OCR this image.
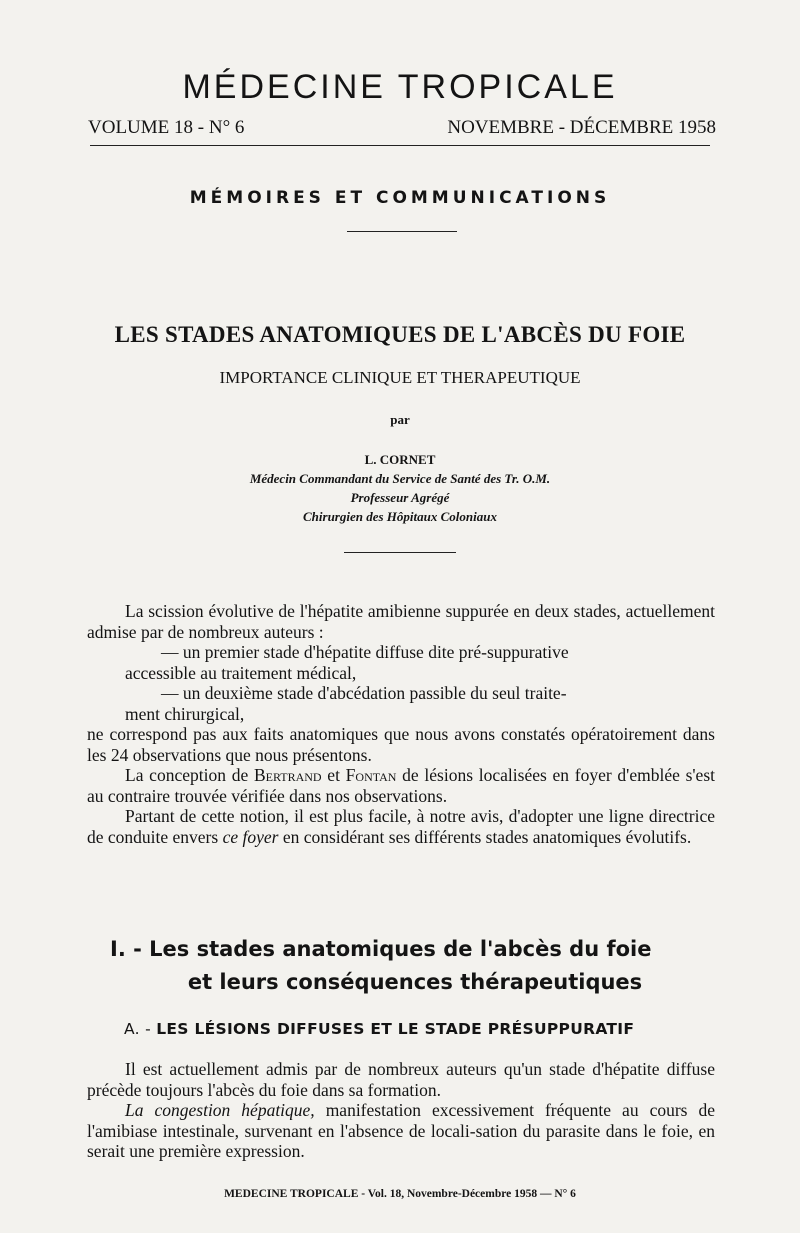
MÉDECINE TROPICALE
VOLUME 18 - N° 6	NOVEMBRE - DÉCEMBRE 1958
MÉMOIRES ET COMMUNICATIONS
LES STADES ANATOMIQUES DE L'ABCÈS DU FOIE
IMPORTANCE CLINIQUE ET THERAPEUTIQUE
par
L. CORNET
Médecin Commandant du Service de Santé des Tr. O.M.
Professeur Agrégé
Chirurgien des Hôpitaux Coloniaux

La scission évolutive de l'hépatite amibienne suppurée en deux stades, actuellement admise par de nombreux auteurs :

— un premier stade d'hépatite diffuse dite pré-suppurative
accessible au traitement médical,

— un deuxième stade d'abcédation passible du seul traite-
ment chirurgical,

ne correspond pas aux faits anatomiques que nous avons constatés opératoirement dans les 24 observations que nous présentons.

La conception de Bertrand et Fontan de lésions localisées en foyer d'emblée s'est au contraire trouvée vérifiée dans nos observations.

Partant de cette notion, il est plus facile, à notre avis, d'adopter une ligne directrice de conduite envers ce foyer en considérant ses différents stades anatomiques évolutifs.

I. - Les stades anatomiques de l'abcès du foie
et leurs conséquences thérapeutiques
A. - LES LÉSIONS DIFFUSES ET LE STADE PRÉSUPPURATIF

Il est actuellement admis par de nombreux auteurs qu'un stade d'hépatite diffuse précède toujours l'abcès du foie dans sa formation.

La congestion hépatique, manifestation excessivement fréquente au cours de l'amibiase intestinale, survenant en l'absence de locali-sation du parasite dans le foie, en serait une première expression.

MEDECINE TROPICALE - Vol. 18, Novembre-Décembre 1958 — N° 6
